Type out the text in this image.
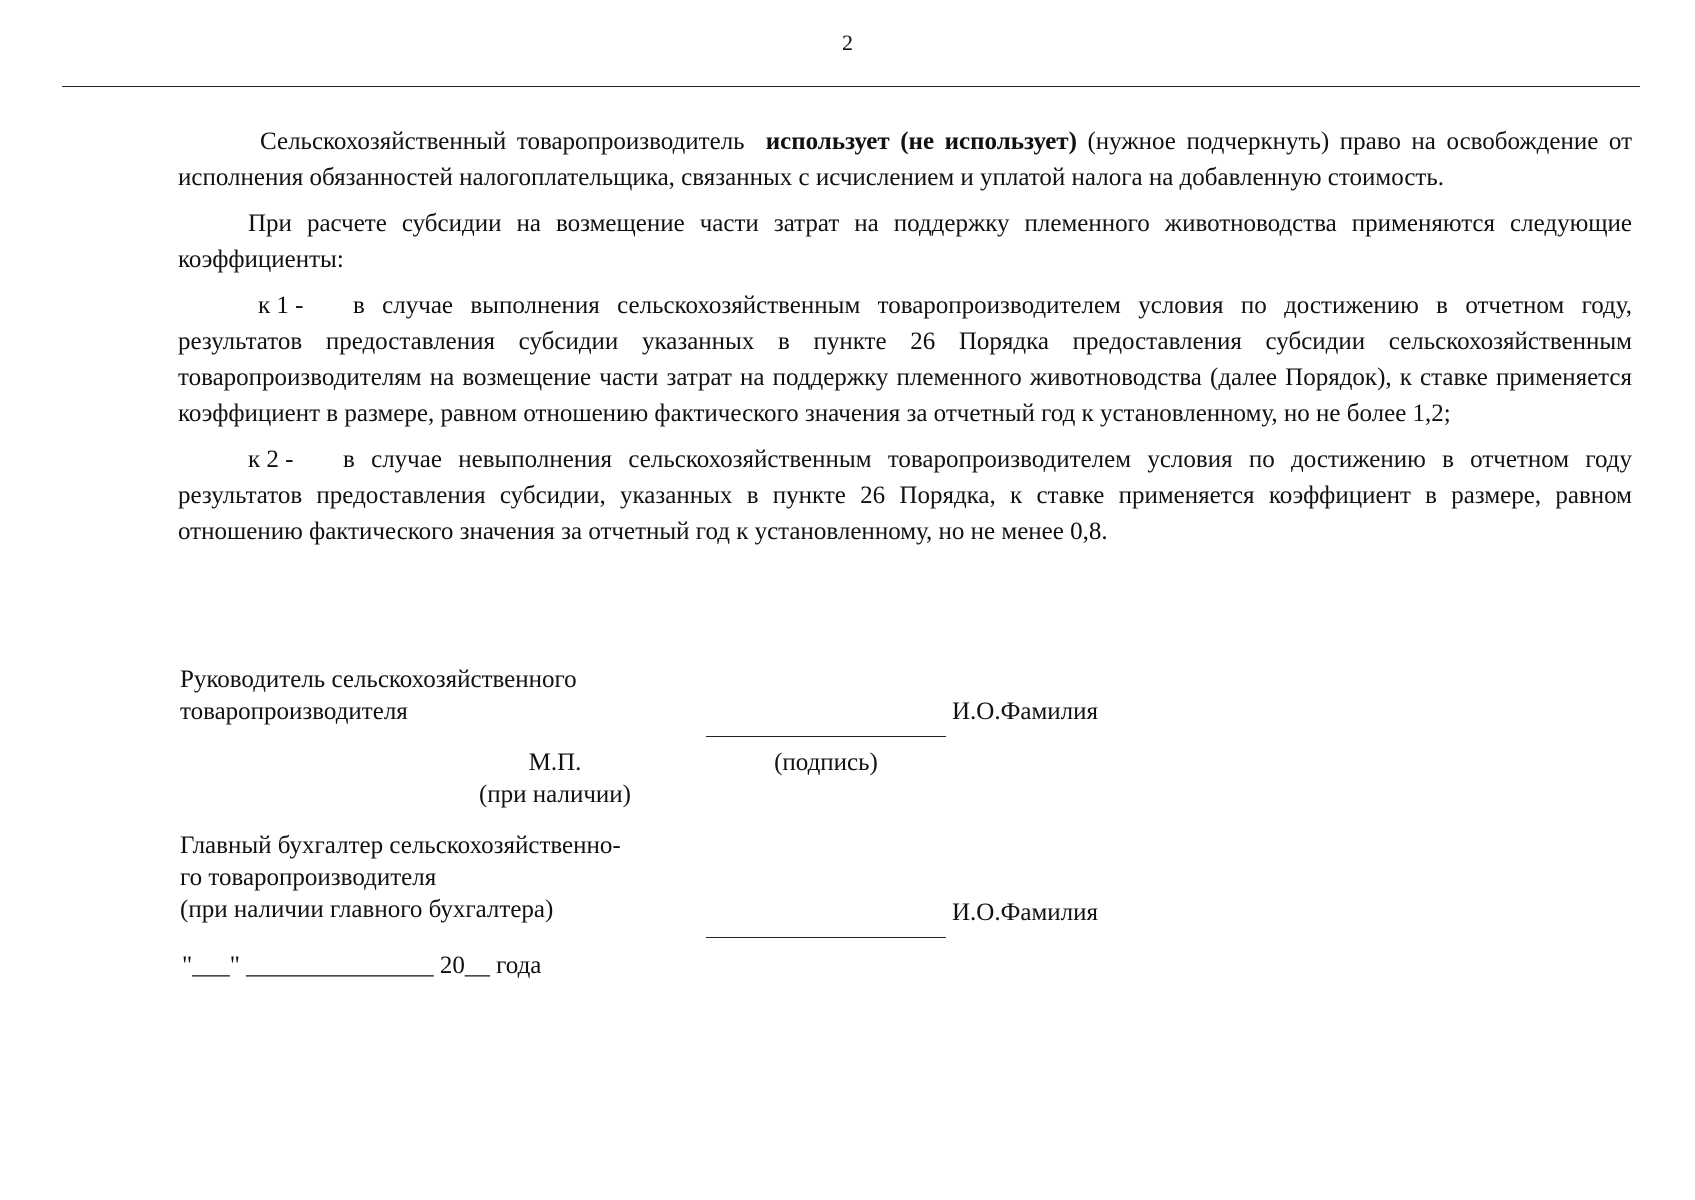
2

Сельскохозяйственный товаропроизводитель использует (не использует) (нужное подчеркнуть) право на освобождение от исполнения обязанностей налогоплательщика, связанных с исчислением и уплатой налога на добавленную стоимость.

При расчете субсидии на возмещение части затрат на поддержку племенного животноводства применяются следующие коэффициенты:

к 1 - в случае выполнения сельскохозяйственным товаропроизводителем условия по достижению в отчетном году, результатов предоставления субсидии указанных в пункте 26 Порядка предоставления субсидии сельскохозяйственным товаропроизводителям на возмещение части затрат на поддержку племенного животноводства (далее Порядок), к ставке применяется коэффициент в размере, равном отношению фактического значения за отчетный год к установленному, но не более 1,2;

к 2 - в случае невыполнения сельскохозяйственным товаропроизводителем условия по достижению в отчетном году результатов предоставления субсидии, указанных в пункте 26 Порядка, к ставке применяется коэффициент в размере, равном отношению фактического значения за отчетный год к установленному, но не менее 0,8.

Руководитель сельскохозяйственного
товаропроизводителя	И.О.Фамилия
М.П.
(при наличии)
(подпись)
Главный бухгалтер сельскохозяйственно-
го товаропроизводителя
(при наличии главного бухгалтера)	И.О.Фамилия
"___" _______________ 20__ года
